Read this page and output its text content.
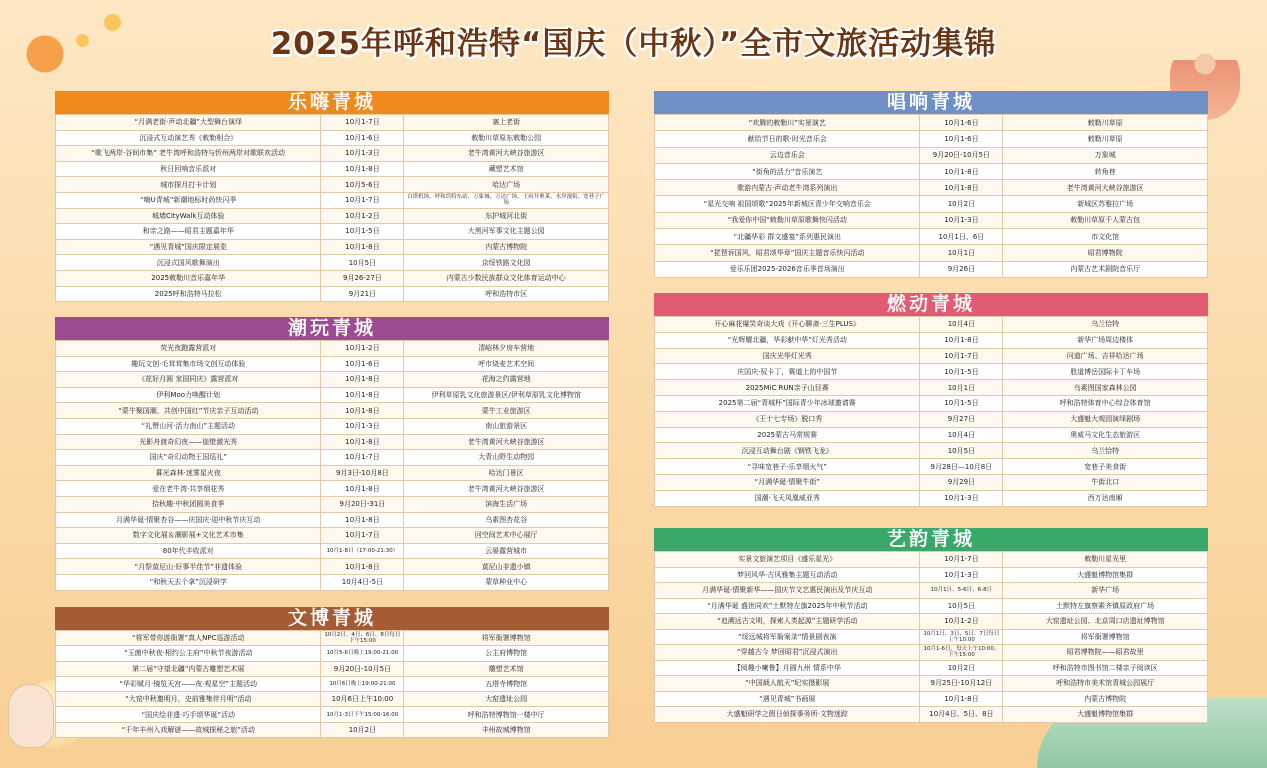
2025年呼和浩特“国庆（中秋）”全市文旅活动集锦
乐嗨青城
“月满老街·声动北疆”大型舞台演绎	10月1-7日	塞上老街
沉浸式互动演艺秀《敕勒相合》	10月1-6日	敕勒川草原东敕勒公园
“歌飞两岸·谷间市集” 老牛湾呼和浩特与忻州两岸对歌联欢活动	10月1-3日	老牛湾黄河大峡谷旅游区
秋日回响音乐派对	10月1-8日	藏塑艺术馆
城市探月打卡计划	10月5-6日	哈达广场
“嗨U青城”新潮地标时尚快闪季	10月1-7日	白塔机场、呼和浩特东站、万象城、万达广场、王府井奥莱、水岸漫街、宽巷子广场
城墙CityWalk互动体验	10月1-2日	东护城河北街
和亲之路——昭君主题嘉年华	10月1-5日	大黑河军事文化主题公园
“遇见青城”国庆限定展览	10月1-8日	内蒙古博物院
沉浸式国风歌舞演出	10月5日	京绥铁路文化园
2025敕勒川音乐嘉年华	9月26-27日	内蒙古少数民族群众文化体育运动中心
2025呼和浩特马拉松	9月21日	呼和浩特市区
潮玩青城
荧光夜跑露营派对	10月1-2日	清峪林夕房车营地
趣玩文创·毛茸茸集市场文创互动体验	10月1-6日	呼市烧麦艺术空间
《花好月圆 家国同庆》露营派对	10月1-8日	花海之约露营地
伊利Moo力唤醒计划	10月1-8日	伊利草原乳文化旅游景区/伊利草原乳文化博物馆
“蒙牛聚国潮，共创中国红”节庆亲子互动活动	10月1-8日	蒙牛工业旅游区
“礼赞山河·活力南山”主题活动	10月1-3日	南山旅游景区
光影舟渡奇幻夜——崖壁激光秀	10月1-8日	老牛湾黄河大峡谷旅游区
国庆“奇幻动物王国巡礼”	10月1-7日	大青山野生动物园
暮光森林·迷雾星火夜	9月3日-10月8日	哈达门景区
爱在老牛湾·共享烟花秀	10月1-8日	老牛湾黄河大峡谷旅游区
拾秋趣·中秋团圆美食季	9月20日-31日	滨海生活广场
月满华诞·情聚杏谷——庆国庆·迎中秋节庆互动	10月1-8日	乌素图杏花谷
数字文化展＆潮影展+文化艺术市集	10月1-7日	回空间艺术中心展厅
80年代丰收派对	10月1-8日（17:00-21:30）	云晏露营城市
“月祭莫尼山·好事半佳节”非遗体验	10月1-8日	莫尼山非遗小镇
“和秋天去个拿”沉浸研学	10月4日-5日	蒙草种业中心
文博青城
“将军带你游衙署”真人NPC巡游活动	10月2日、4日、6日、8日每日下午15:00	将军衙署博物馆
“玉菌中秋夜·相约公主府”中秋节夜游活动	10月5-6日晚上19:00-21:00	公主府博物馆
第二届“守望北疆”内蒙古雕塑艺术展	9月20日-10月5日	雕塑艺术馆
“华彩赋月·镜览天宫——夜·观星空”主题活动	10月6日晚上19:00-21:00	五塔寺博物馆
“大窑中秋邀明月，史前雅集伴月明”活动	10月6日上午10:00	大窑遗址公园
“国庆绘非遗·巧手颂华诞”活动	10月1-3日下午15:00-16:00	呼和浩特博物馆一楼中厅
“千年丰州入戏解谜——故城探秘之旅”活动	10月2日	丰州故城博物馆
唱响青城
“欢腾的敕勒川”实景演艺	10月1-6日	敕勒川草原
献给节日的歌·时光音乐会	10月1-6日	敕勒川草原
云边音乐会	9月20日-10月5日	万象城
“街角的活力”音乐演艺	10月1-8日	转角巷
歌游内蒙古·声动老牛湾系列演出	10月1-8日	老牛湾黄河大峡谷旅游区
“星光交响 祖国颂歌”2025年新城区青少年交响音乐会	10月2日	新城区苏雅拉广场
“我爱你中国”敕勒川草原歌舞快闪活动	10月1-3日	敕勒川草原千人蒙古包
“北疆华彩 群文盛宴”系列惠民演出	10月1日、6日	市文化馆
“琵琶诉国风，昭君颂华章”国庆主题音乐快闪活动	10月1日	昭君博物院
爱乐乐团2025-2026音乐季首场演出	9月26日	内蒙古艺术剧院音乐厅
燃动青城
开心麻花爆笑奇谈大戏《开心聊斋·三生PLUS》	10月4日	乌兰恰特
“光辉耀北疆，华彩献中华”灯光秀活动	10月1-8日	新华广场周边楼体
国庆光华灯光秀	10月1-7日	问道广场、吉祥哈达广场
庆国庆·驭卡丁，赛道上的中国节	10月1-5日	胜道博岳国际卡丁车场
2025MiC RUN亲子山径赛	10月1日	乌素图国家森林公园
2025第二届“青城杯”国际青少年冰球邀请赛	10月1-5日	呼和浩特体育中心综合体育馆
《王十七专场》脱口秀	9月27日	大盛魁大观园演绎剧场
2025蒙古马常规赛	10月4日	奥威马文化生态旅游区
沉浸互动舞台剧《钢铁飞龙》	10月5日	乌兰恰特
“寻味宽巷子·乐享烟火气”	9月28日—10月8日	宽巷子美食街
“月满华诞·情聚牛街”	9月29日	牛街北口
国潮·飞天凤凰威亚秀	10月1-3日	西万达南厢
艺韵青城
实景文旅演艺项目《盛乐星光》	10月1-7日	敕勒川星光里
梦回风华·古风雅集主题互动活动	10月1-3日	大盛魁博物馆集群
月满华诞·情聚新华——国庆节文艺惠民演出及节庆互动	10月1日、5-6日、6-8日	新华广场
“月满华诞 盛世同欢”土默特左旗2025年中秋节活动	10月5日	土默特左旗察素齐镇原政府广场
“追溯远古文明，探索人类起源”主题研学活动	10月1-2日	大窑遗址公园、北京周口店遗址博物馆
“绥远城将军衙案录”情景剧表演	10月1日、3日、5日、7日每日上午10:00	将军衙署博物馆
“穿越古今 梦回昭君”沉浸式演出	10月1-6日，每天上午10:00、下午15:00	昭君博物院——昭君故里
【阅趣小喇鲁】月圆九州 情系中华	10月2日	呼和浩特市图书馆二楼亲子阅读区
“中国载人航天”纪实摄影展	9月25日-10月12日	呼和浩特市美术馆青城公园展厅
“遇见青城”书画展	10月1-8日	内蒙古博物院
大盛魁研学之假日侦探事务所·文物迷踪	10月4日、5日、8日	大盛魁博物馆集群
